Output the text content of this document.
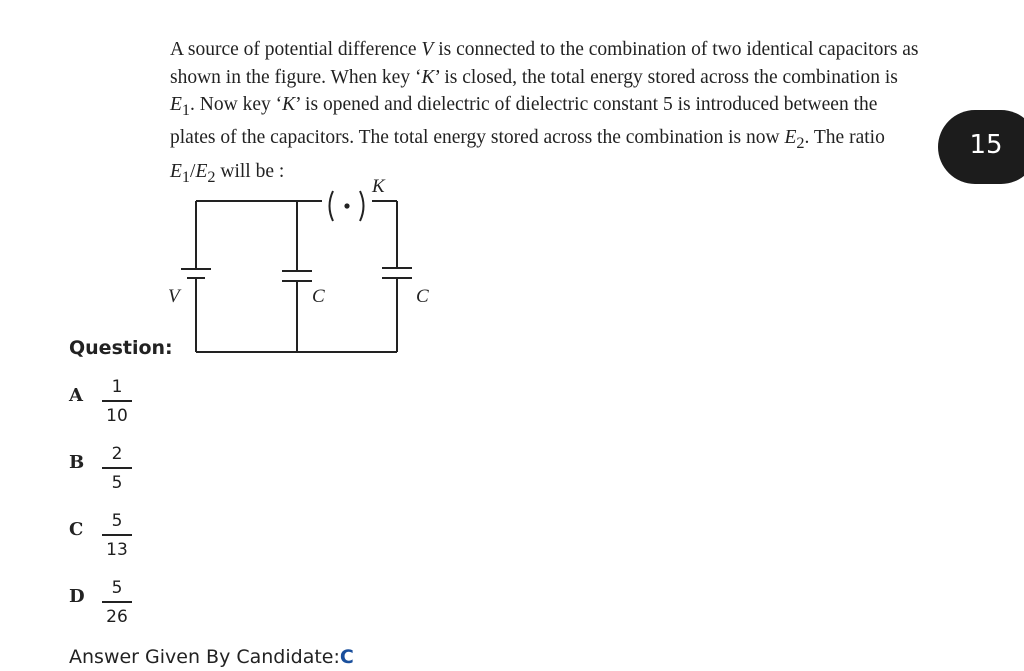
A source of potential difference V is connected to the combination of two identical capacitors as shown in the figure. When key ‘K’ is closed, the total energy stored across the combination is $E_1$. Now key ‘K’ is opened and dielectric of dielectric constant 5 is introduced between the plates of the capacitors. The total energy stored across the combination is now $E_2$. The ratio $E_1/E_2$ will be :
15
K
V	C	C
Question:
A	1
10
B	2
5
C	5
13
D	5
26
Answer Given By Candidate:C
